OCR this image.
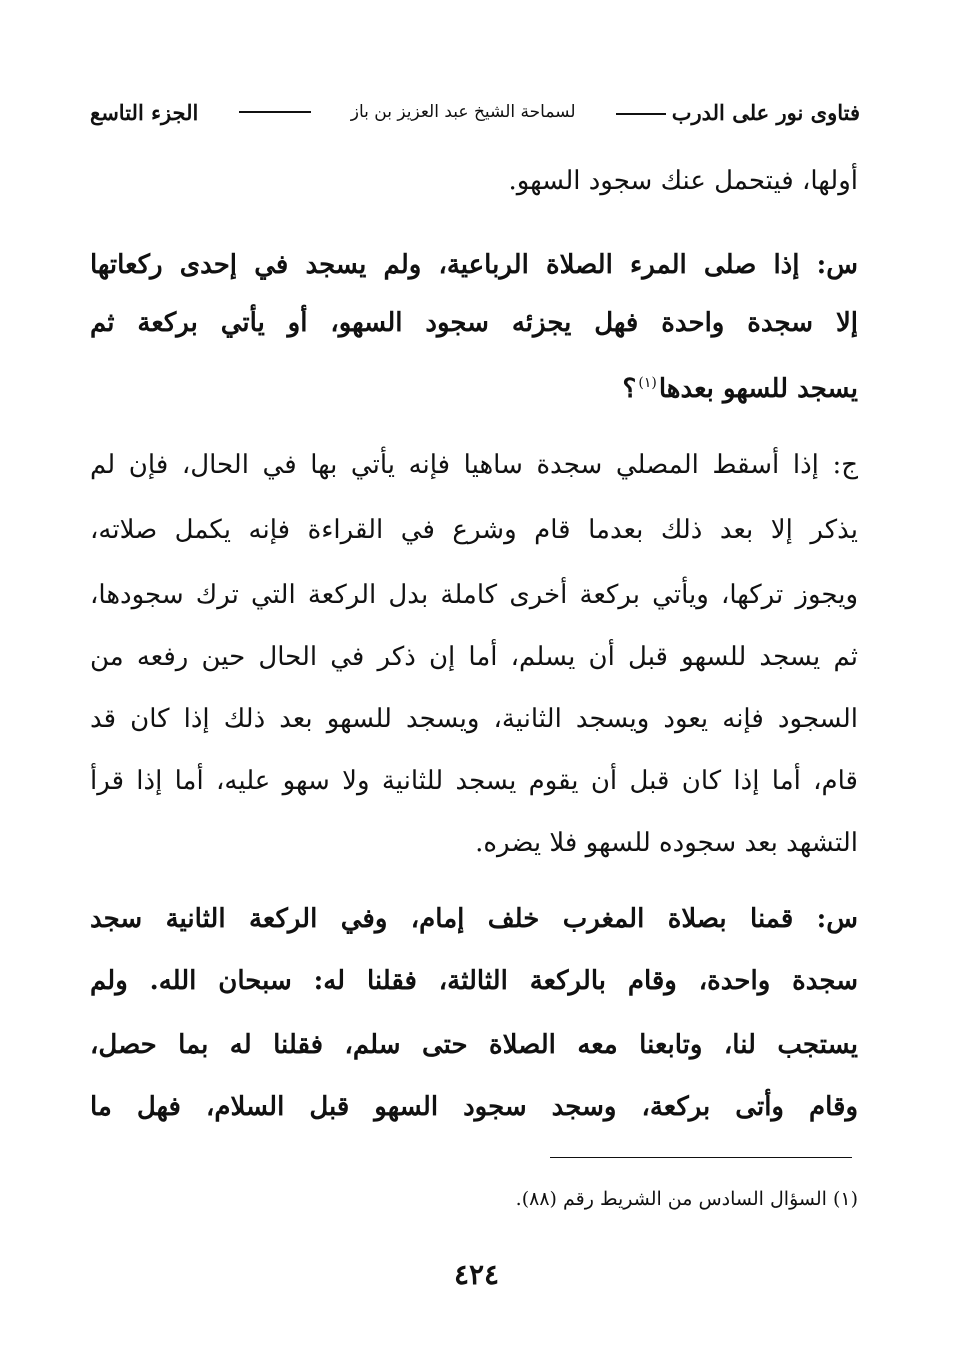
فتاوى نور على الدرب
لسماحة الشيخ عبد العزيز بن باز
الجزء التاسع
أولها، فيتحمل عنك سجود السهو.
س: إذا صلى المرء الصلاة الرباعية، ولم يسجد في إحدى ركعاتها
إلا سجدة واحدة فهل يجزئه سجود السهو، أو يأتي بركعة ثم
يسجد للسهو بعدها$^{(١)}$؟
ج: إذا أسقط المصلي سجدة ساهيا فإنه يأتي بها في الحال، فإن لم
يذكر إلا بعد ذلك بعدما قام وشرع في القراءة فإنه يكمل صلاته،
ويجوز تركها، ويأتي بركعة أخرى كاملة بدل الركعة التي ترك سجودها،
ثم يسجد للسهو قبل أن يسلم، أما إن ذكر في الحال حين رفعه من
السجود فإنه يعود ويسجد الثانية، ويسجد للسهو بعد ذلك إذا كان قد
قام، أما إذا كان قبل أن يقوم يسجد للثانية ولا سهو عليه، أما إذا قرأ
التشهد بعد سجوده للسهو فلا يضره.
س: قمنا بصلاة المغرب خلف إمام، وفي الركعة الثانية سجد
سجدة واحدة، وقام بالركعة الثالثة، فقلنا له: سبحان الله. ولم
يستجب لنا، وتابعنا معه الصلاة حتى سلم، فقلنا له بما حصل،
وقام وأتى بركعة، وسجد سجود السهو قبل السلام، فهل ما
(١) السؤال السادس من الشريط رقم (٨٨).
٤٢٤
